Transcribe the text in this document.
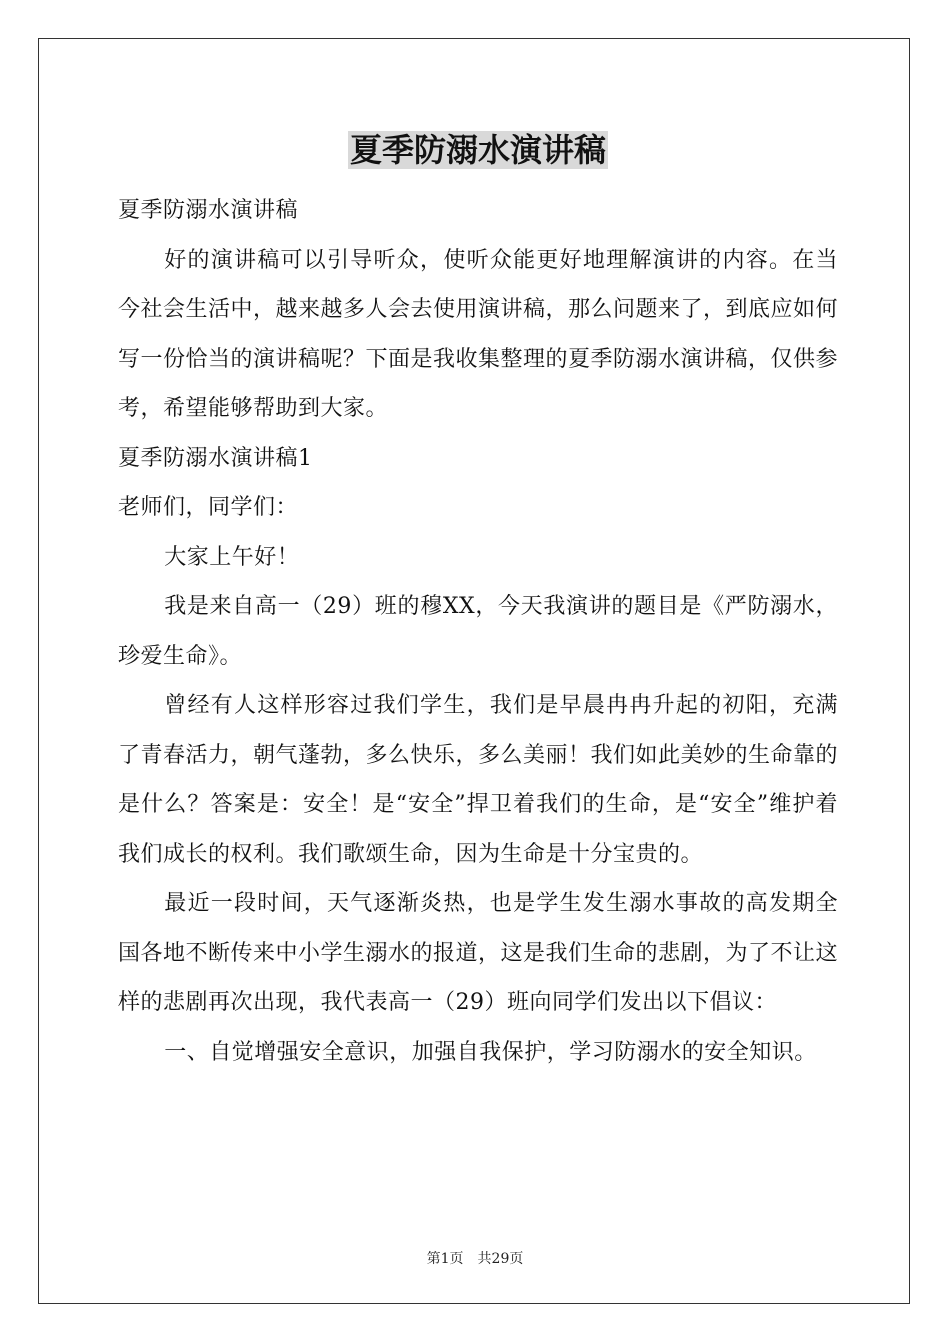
夏季防溺水演讲稿

夏季防溺水演讲稿

好的演讲稿可以引导听众，使听众能更好地理解演讲的内容。在当今社会生活中，越来越多人会去使用演讲稿，那么问题来了，到底应如何写一份恰当的演讲稿呢？下面是我收集整理的夏季防溺水演讲稿，仅供参考，希望能够帮助到大家。

夏季防溺水演讲稿1

老师们，同学们：

大家上午好！

我是来自高一（29）班的穆XX，今天我演讲的题目是《严防溺水，珍爱生命》。

曾经有人这样形容过我们学生，我们是早晨冉冉升起的初阳，充满了青春活力，朝气蓬勃，多么快乐，多么美丽！我们如此美妙的生命靠的是什么？答案是：安全！是“安全”捍卫着我们的生命，是“安全”维护着我们成长的权利。我们歌颂生命，因为生命是十分宝贵的。

最近一段时间，天气逐渐炎热，也是学生发生溺水事故的高发期全国各地不断传来中小学生溺水的报道，这是我们生命的悲剧，为了不让这样的悲剧再次出现，我代表高一（29）班向同学们发出以下倡议：

一、自觉增强安全意识，加强自我保护，学习防溺水的安全知识。

第1页 共29页
